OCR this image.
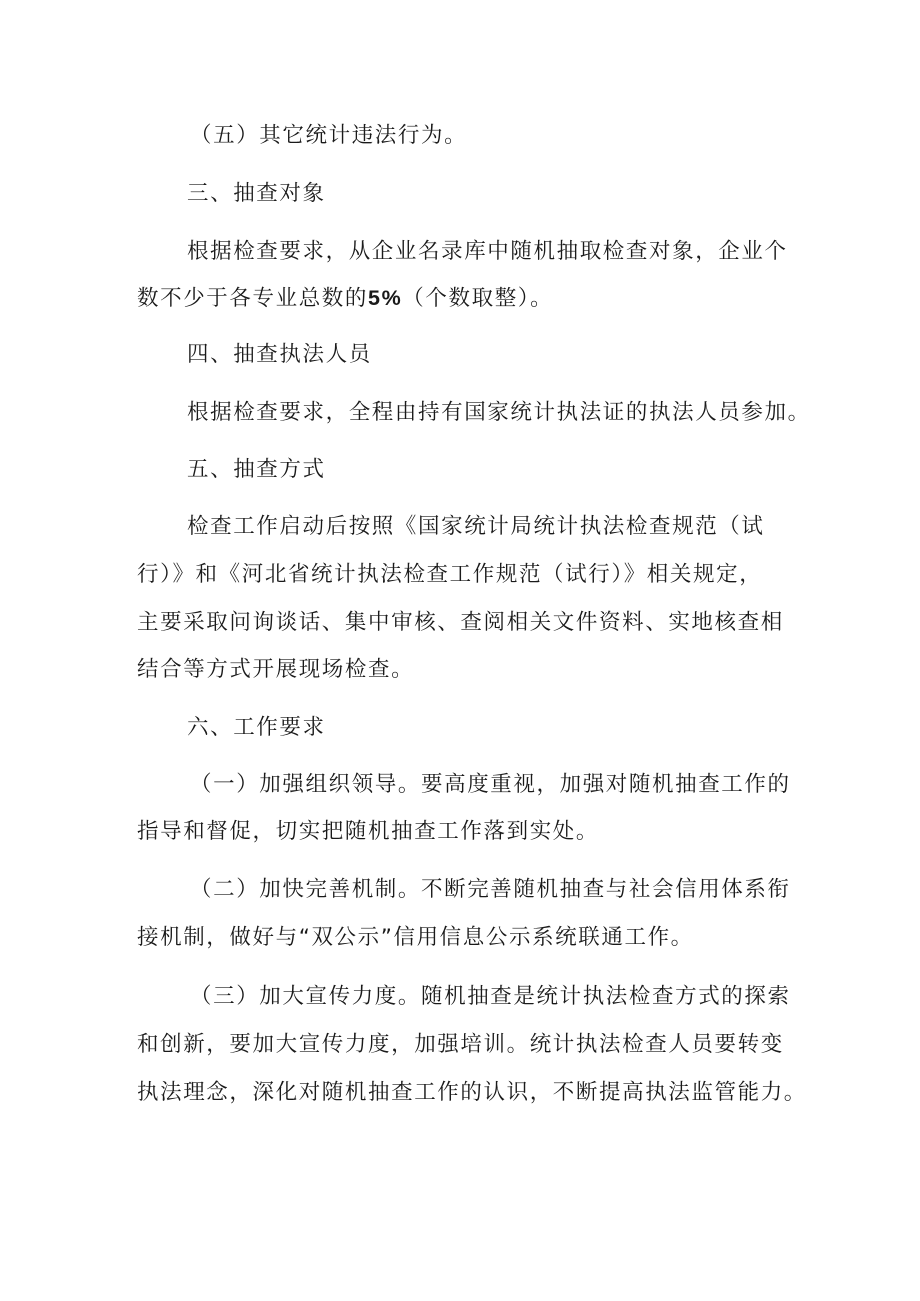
（五）其它统计违法行为。
三、抽查对象
根据检查要求，从企业名录库中随机抽取检查对象，企业个
数不少于各专业总数的5%（个数取整）。
四、抽查执法人员
根据检查要求，全程由持有国家统计执法证的执法人员参加。
五、抽查方式
检查工作启动后按照《国家统计局统计执法检查规范（试
行）》和《河北省统计执法检查工作规范（试行）》相关规定，
主要采取问询谈话、集中审核、查阅相关文件资料、实地核查相
结合等方式开展现场检查。
六、工作要求
（一）加强组织领导。要高度重视，加强对随机抽查工作的
指导和督促，切实把随机抽查工作落到实处。
（二）加快完善机制。不断完善随机抽查与社会信用体系衔
接机制，做好与“双公示”信用信息公示系统联通工作。
（三）加大宣传力度。随机抽查是统计执法检查方式的探索
和创新，要加大宣传力度，加强培训。统计执法检查人员要转变
执法理念，深化对随机抽查工作的认识，不断提高执法监管能力。
